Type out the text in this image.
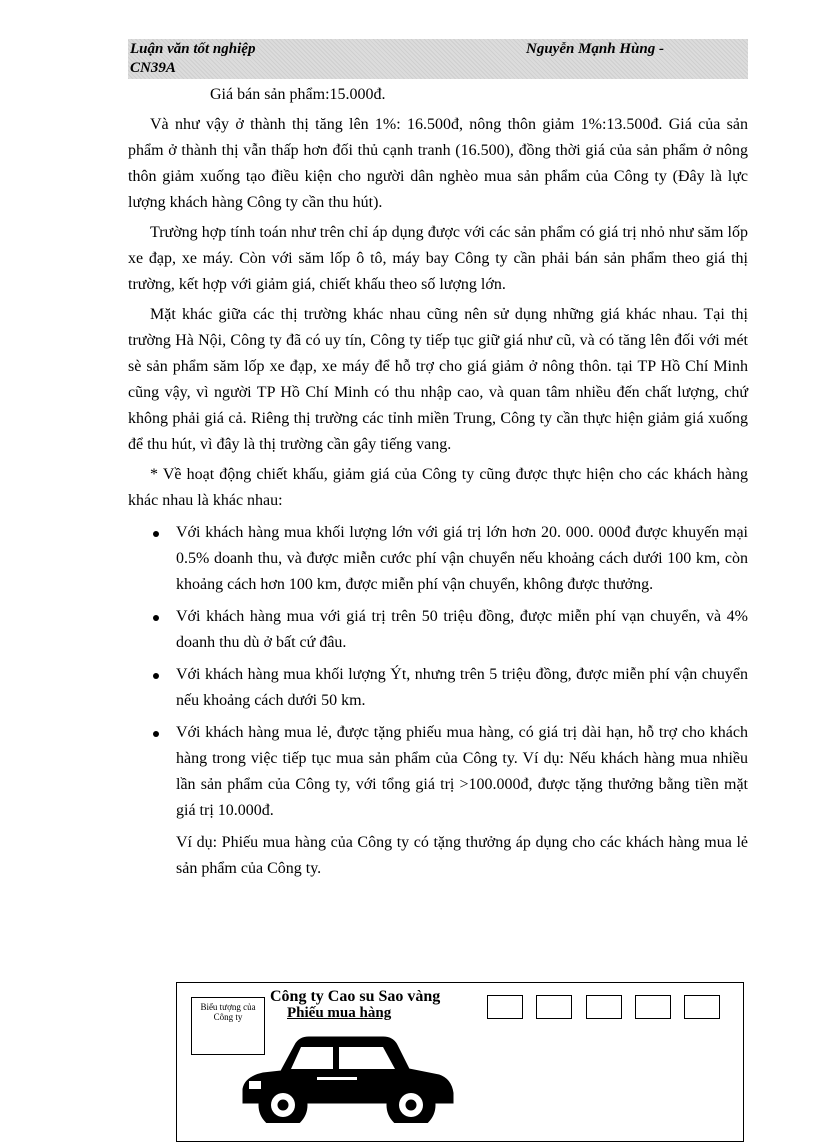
Luận văn tốt nghiệp	Nguyễn Mạnh Hùng -
CN39A

Giá bán sản phẩm:15.000đ.

Và như vậy ở thành thị tăng lên 1%: 16.500đ, nông thôn giảm 1%:13.500đ. Giá của sản phẩm ở thành thị vẫn thấp hơn đối thủ cạnh tranh (16.500), đồng thời giá của sản phẩm ở nông thôn giảm xuống tạo điều kiện cho người dân nghèo mua sản phẩm của Công ty (Đây là lực lượng khách hàng Công ty cần thu hút).

Trường hợp tính toán như trên chỉ áp dụng được với các sản phẩm có giá trị nhỏ như săm lốp xe đạp, xe máy. Còn với săm lốp ô tô, máy bay Công ty cần phải bán sản phẩm theo giá thị trường, kết hợp với giảm giá, chiết khấu theo số lượng lớn.

Mặt khác giữa các thị trường khác nhau cũng nên sử dụng những giá khác nhau. Tại thị trường Hà Nội, Công ty đã có uy tín, Công ty tiếp tục giữ giá như cũ, và có tăng lên đối với mét sè sản phẩm săm lốp xe đạp, xe máy để hỗ trợ cho giá giảm ở nông thôn. tại TP Hồ Chí Minh cũng vậy, vì người TP Hồ Chí Minh có thu nhập cao, và quan tâm nhiều đến chất lượng, chứ không phải giá cả. Riêng thị trường các tỉnh miền Trung, Công ty cần thực hiện giảm giá xuống để thu hút, vì đây là thị trường cần gây tiếng vang.

* Về hoạt động chiết khấu, giảm giá của Công ty cũng được thực hiện cho các khách hàng khác nhau là khác nhau:

Với khách hàng mua khối lượng lớn với giá trị lớn hơn 20. 000. 000đ được khuyến mại 0.5% doanh thu, và được miễn cước phí vận chuyển nếu khoảng cách dưới 100 km, còn khoảng cách hơn 100 km, được miễn phí vận chuyển, không được thưởng.
Với khách hàng mua với giá trị trên 50 triệu đồng, được miễn phí vạn chuyển, và 4% doanh thu dù ở bất cứ đâu.
Với khách hàng mua khối lượng Ýt, nhưng trên 5 triệu đồng, được miễn phí vận chuyển nếu khoảng cách dưới 50 km.
Với khách hàng mua lẻ, được tặng phiếu mua hàng, có giá trị dài hạn, hỗ trợ cho khách hàng trong việc tiếp tục mua sản phẩm của Công ty. Ví dụ: Nếu khách hàng mua nhiều lần sản phẩm của Công ty, với tổng giá trị >100.000đ, được tặng thưởng bằng tiền mặt giá trị 10.000đ.

Ví dụ: Phiếu mua hàng của Công ty có tặng thưởng áp dụng cho các khách hàng mua lẻ sản phẩm của Công ty.

Biểu tượng của Công ty
Công ty Cao su Sao vàng
Phiếu mua hàng
